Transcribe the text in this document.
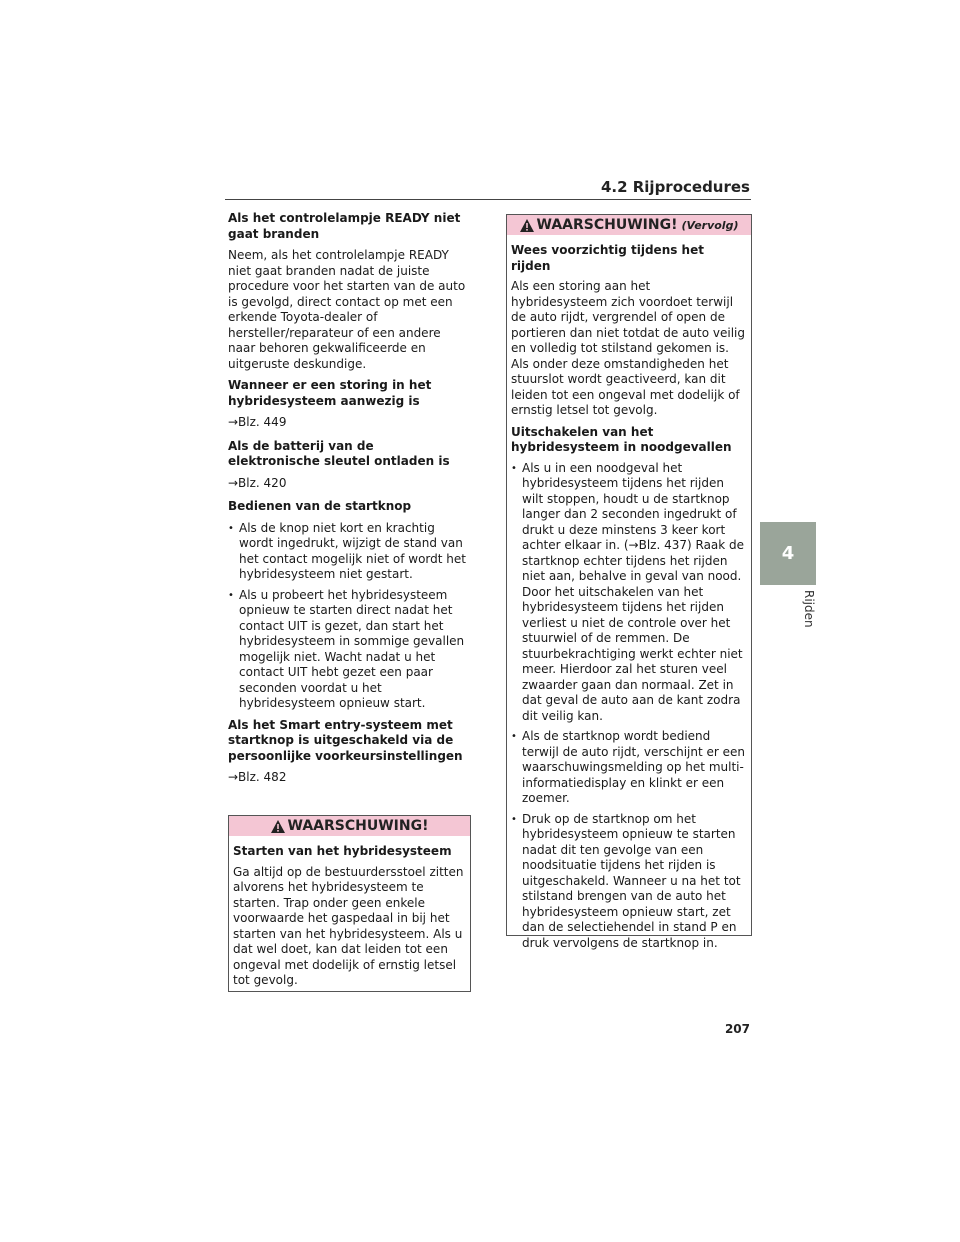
4.2 Rijprocedures
4
Rijden
Als het controlelampje READY niet gaat branden

Neem, als het controlelampje READY niet gaat branden nadat de juiste procedure voor het starten van de auto is gevolgd, direct contact op met een erkende Toyota-dealer of hersteller/reparateur of een andere naar behoren gekwalificeerde en uitgeruste deskundige.

Wanneer er een storing in het hybridesysteem aanwezig is

→Blz. 449

Als de batterij van de elektronische sleutel ontladen is

→Blz. 420

Bedienen van de startknop
• Als de knop niet kort en krachtig wordt ingedrukt, wijzigt de stand van het contact mogelijk niet of wordt het hybridesysteem niet gestart.
• Als u probeert het hybridesysteem opnieuw te starten direct nadat het contact UIT is gezet, dan start het hybridesysteem in sommige gevallen mogelijk niet. Wacht nadat u het contact UIT hebt gezet een paar seconden voordat u het hybridesysteem opnieuw start.
Als het Smart entry-systeem met startknop is uitgeschakeld via de persoonlijke voorkeursinstellingen

→Blz. 482

WAARSCHUWING!
Starten van het hybridesysteem

Ga altijd op de bestuurdersstoel zitten alvorens het hybridesysteem te starten. Trap onder geen enkele voorwaarde het gaspedaal in bij het starten van het hybridesysteem. Als u dat wel doet, kan dat leiden tot een ongeval met dodelijk of ernstig letsel tot gevolg.

WAARSCHUWING! (Vervolg)
Wees voorzichtig tijdens het rijden

Als een storing aan het hybridesysteem zich voordoet terwijl de auto rijdt, vergrendel of open de portieren dan niet totdat de auto veilig en volledig tot stilstand gekomen is. Als onder deze omstandigheden het stuurslot wordt geactiveerd, kan dit leiden tot een ongeval met dodelijk of ernstig letsel tot gevolg.

Uitschakelen van het hybridesysteem in noodgevallen
• Als u in een noodgeval het hybridesysteem tijdens het rijden wilt stoppen, houdt u de startknop langer dan 2 seconden ingedrukt of drukt u deze minstens 3 keer kort achter elkaar in. (→Blz. 437) Raak de startknop echter tijdens het rijden niet aan, behalve in geval van nood. Door het uitschakelen van het hybridesysteem tijdens het rijden verliest u niet de controle over het stuurwiel of de remmen. De stuurbekrachtiging werkt echter niet meer. Hierdoor zal het sturen veel zwaarder gaan dan normaal. Zet in dat geval de auto aan de kant zodra dit veilig kan.
• Als de startknop wordt bediend terwijl de auto rijdt, verschijnt er een waarschuwingsmelding op het multi-informatiedisplay en klinkt er een zoemer.
• Druk op de startknop om het hybridesysteem opnieuw te starten nadat dit ten gevolge van een noodsituatie tijdens het rijden is uitgeschakeld. Wanneer u na het tot stilstand brengen van de auto het hybridesysteem opnieuw start, zet dan de selectiehendel in stand P en druk vervolgens de startknop in.
207
